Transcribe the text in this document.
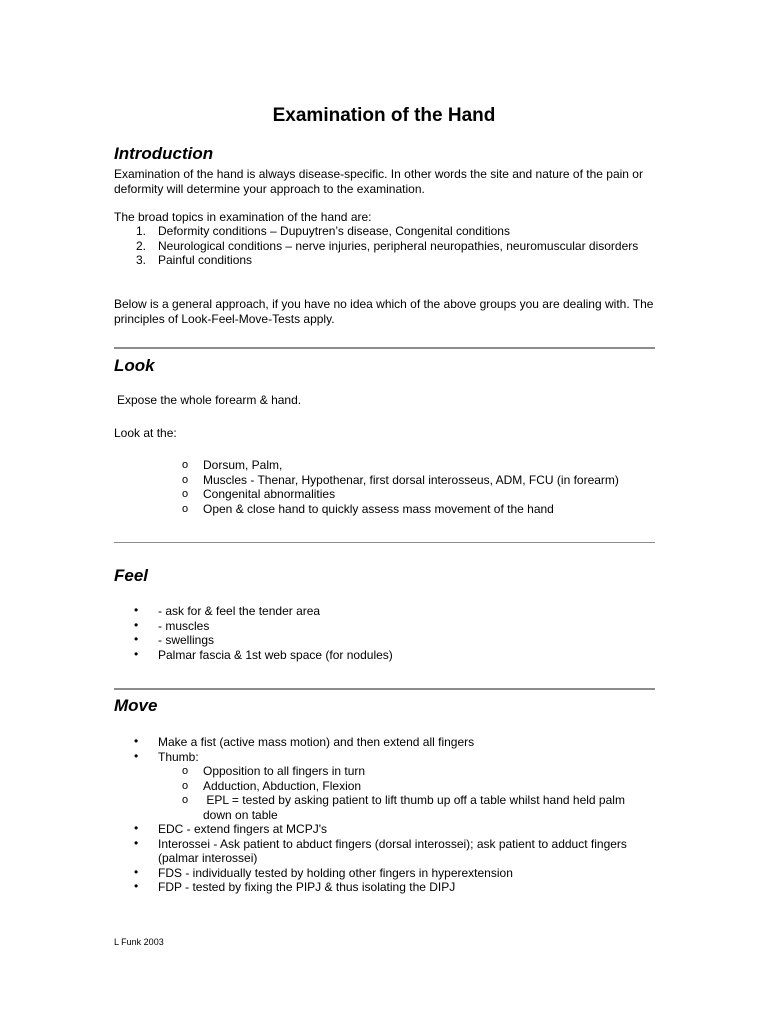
Examination of the Hand
Introduction
Examination of the hand is always disease-specific. In other words the site and nature of the pain or deformity will determine your approach to the examination.
The broad topics in examination of the hand are:
1. Deformity conditions – Dupuytren’s disease, Congenital conditions
2. Neurological conditions – nerve injuries, peripheral neuropathies, neuromuscular disorders
3. Painful conditions
Below is a general approach, if you have no idea which of the above groups you are dealing with. The principles of Look-Feel-Move-Tests apply.
Look
Expose the whole forearm & hand.
Look at the:
o Dorsum, Palm,
o Muscles - Thenar, Hypothenar, first dorsal interosseus, ADM, FCU (in forearm)
o Congenital abnormalities
o Open & close hand to quickly assess mass movement of the hand
Feel
• - ask for & feel the tender area
• - muscles
• - swellings
• Palmar fascia & 1st web space (for nodules)
Move
• Make a fist (active mass motion) and then extend all fingers
• Thumb:
o Opposition to all fingers in turn
o Adduction, Abduction, Flexion
o EPL = tested by asking patient to lift thumb up off a table whilst hand held palm down on table
• EDC - extend fingers at MCPJ's
• Interossei - Ask patient to abduct fingers (dorsal interossei); ask patient to adduct fingers (palmar interossei)
• FDS - individually tested by holding other fingers in hyperextension
• FDP - tested by fixing the PIPJ & thus isolating the DIPJ
L Funk 2003
